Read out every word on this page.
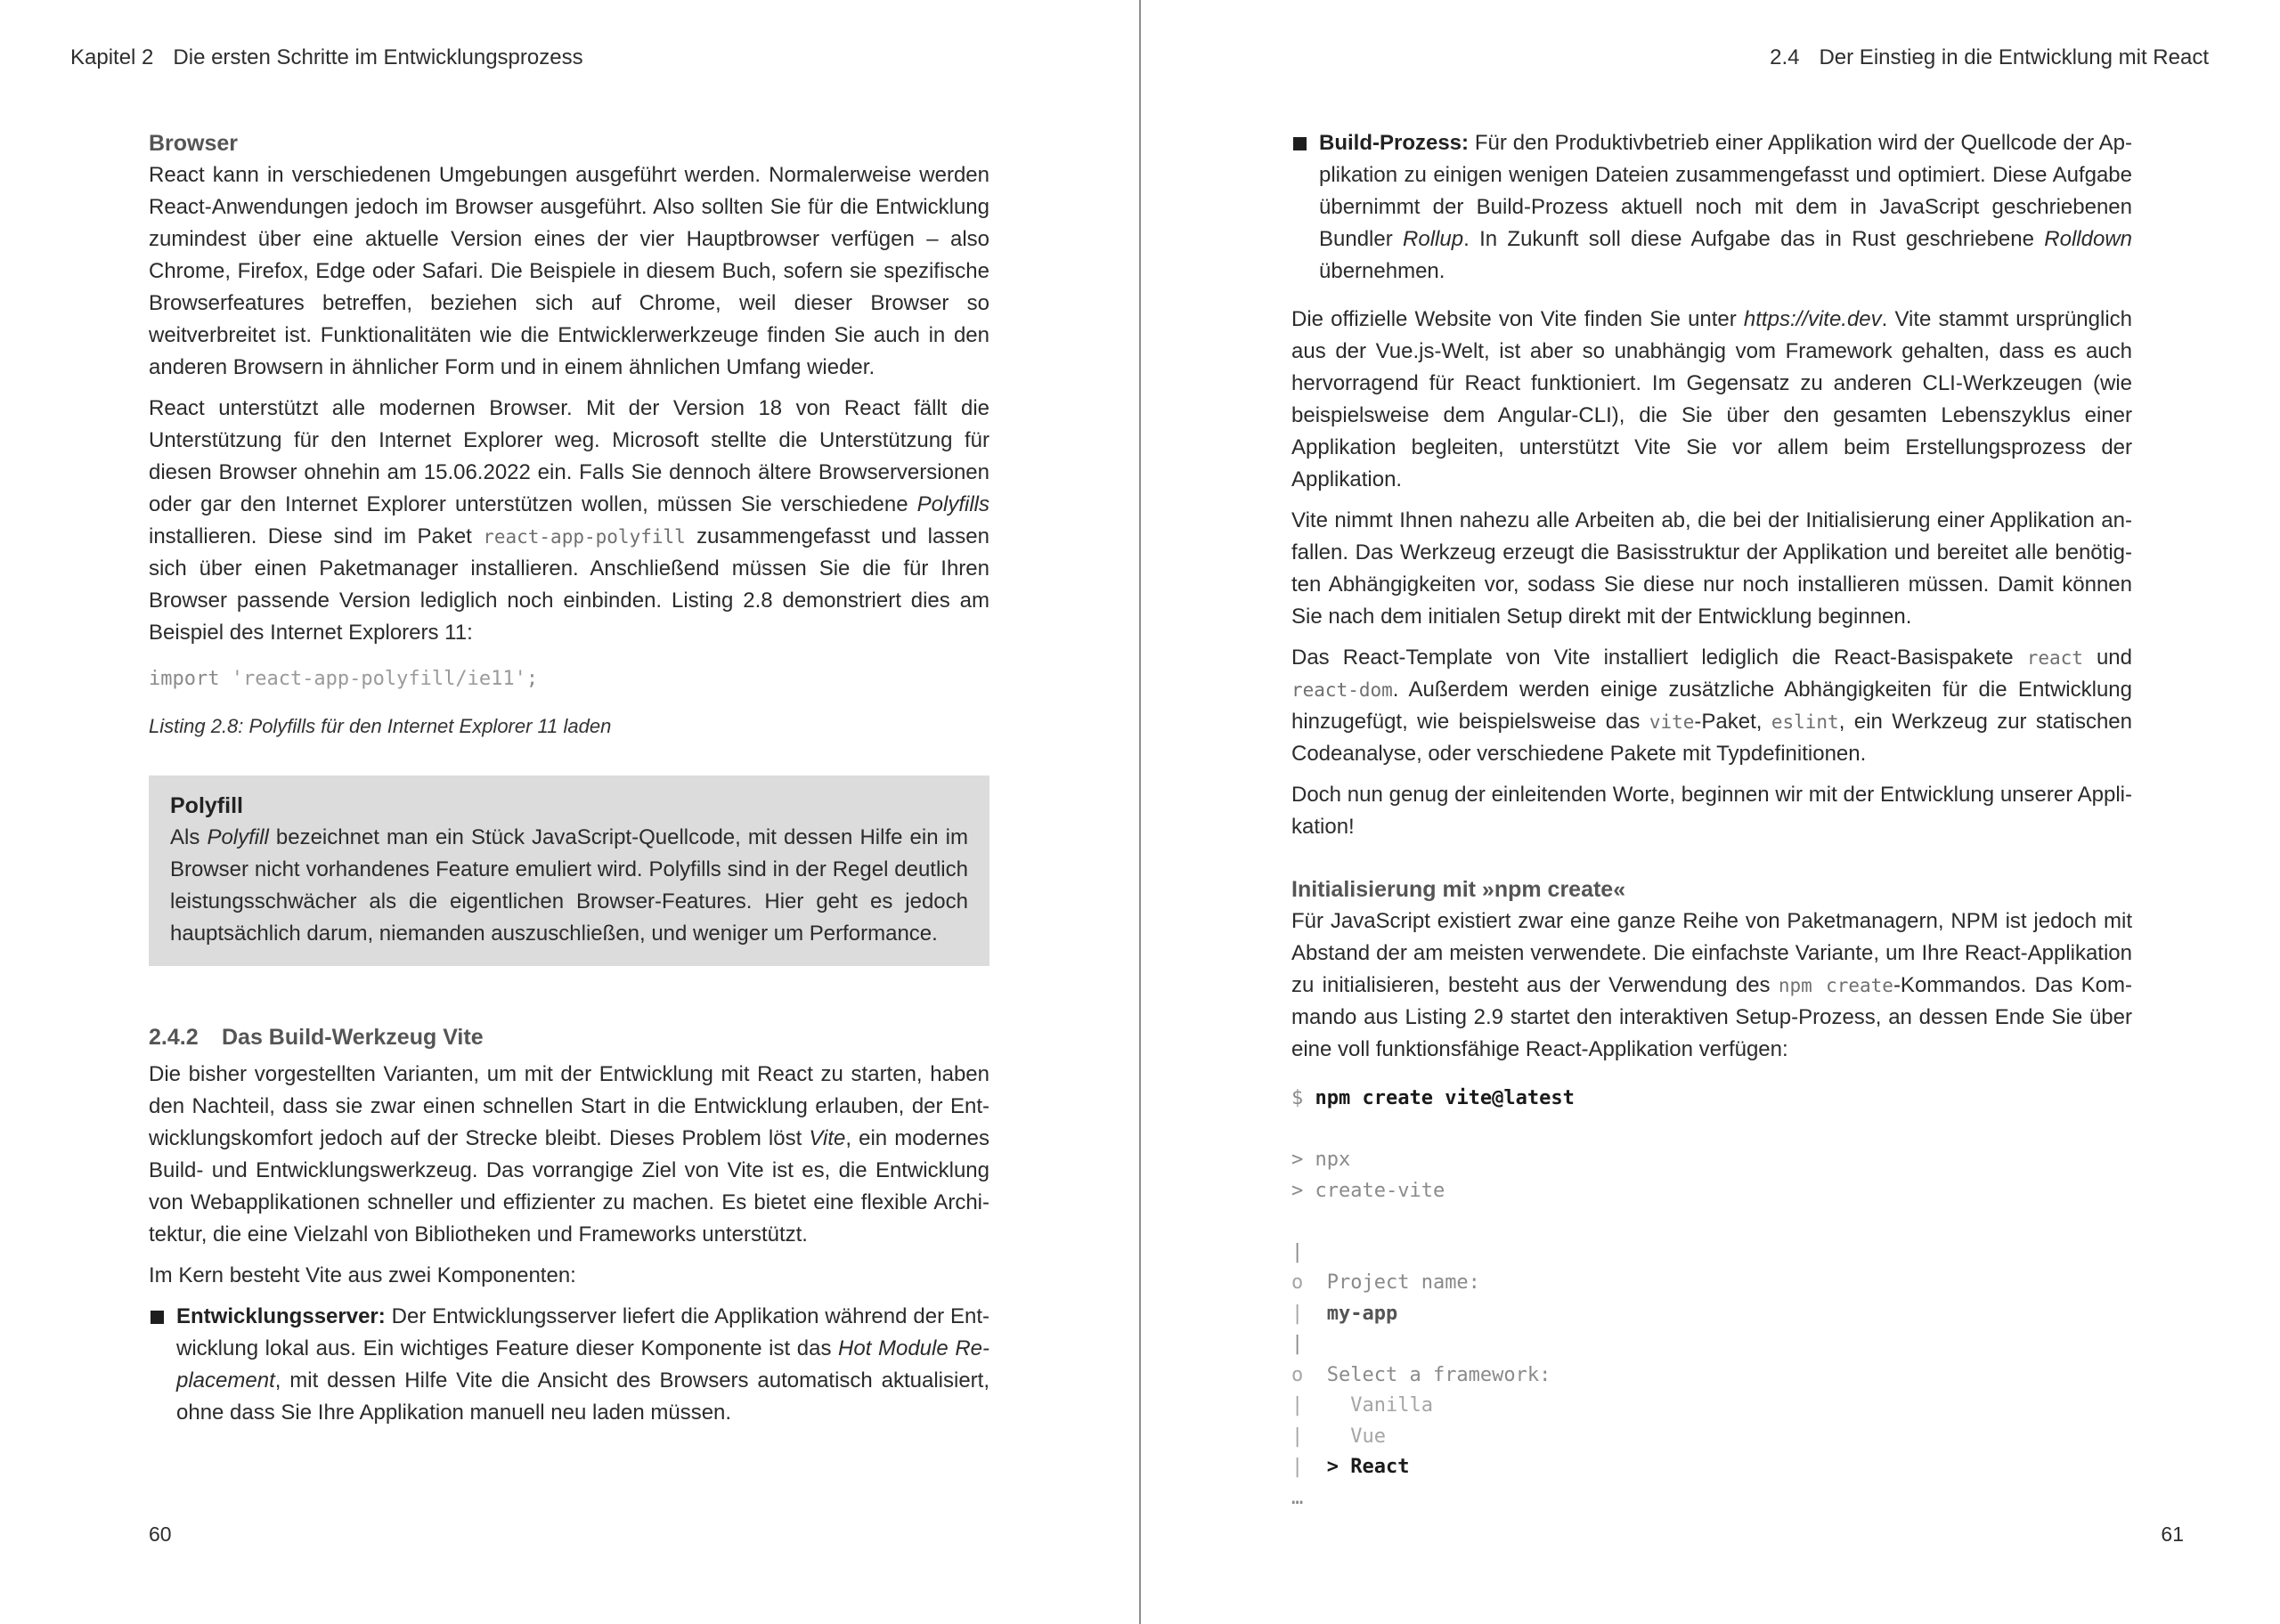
Kapitel 2 Die ersten Schritte im Entwicklungsprozess

Browser

React kann in verschiedenen Umgebungen ausgeführt werden. Normalerweise werden React-Anwendungen jedoch im Browser ausgeführt. Also sollten Sie für die Entwicklung zumindest über eine aktuelle Version eines der vier Hauptbrowser verfügen – also Chrome, Firefox, Edge oder Safari. Die Beispiele in diesem Buch, sofern sie spezifische Browserfeatures betreffen, beziehen sich auf Chrome, weil dieser Browser so weitverbreitet ist. Funktionalitäten wie die Entwicklerwerkzeuge finden Sie auch in den anderen Browsern in ähnlicher Form und in einem ähnlichen Umfang wieder.

React unterstützt alle modernen Browser. Mit der Version 18 von React fällt die Unterstützung für den Internet Explorer weg. Microsoft stellte die Unterstützung für diesen Browser ohnehin am 15.06.2022 ein. Falls Sie dennoch ältere Browserversionen oder gar den Internet Explorer unterstützen wollen, müssen Sie verschiedene Polyfills installieren. Diese sind im Paket react-app-polyfill zusammengefasst und lassen sich über einen Paketmanager installieren. Anschließend müssen Sie die für Ihren Browser passende Version lediglich noch einbinden. Listing 2.8 demonstriert dies am Beispiel des Internet Explorers 11:

import 'react-app-polyfill/ie11';

Listing 2.8: Polyfills für den Internet Explorer 11 laden

Polyfill

Als Polyfill bezeichnet man ein Stück JavaScript-Quellcode, mit dessen Hilfe ein im Browser nicht vorhandenes Feature emuliert wird. Polyfills sind in der Regel deutlich leistungsschwächer als die eigentlichen Browser-Features. Hier geht es jedoch hauptsächlich darum, niemanden auszuschließen, und weniger um Performance.

2.4.2 Das Build-Werkzeug Vite

Die bisher vorgestellten Varianten, um mit der Entwicklung mit React zu starten, haben den Nachteil, dass sie zwar einen schnellen Start in die Entwicklung erlauben, der Entwicklungskomfort jedoch auf der Strecke bleibt. Dieses Problem löst Vite, ein modernes Build- und Entwicklungswerkzeug. Das vorrangige Ziel von Vite ist es, die Entwicklung von Webapplikationen schneller und effizienter zu machen. Es bietet eine flexible Architektur, die eine Vielzahl von Bibliotheken und Frameworks unterstützt.

Im Kern besteht Vite aus zwei Komponenten:

Entwicklungsserver: Der Entwicklungsserver liefert die Applikation während der Entwicklung lokal aus. Ein wichtiges Feature dieser Komponente ist das Hot Module Replacement, mit dessen Hilfe Vite die Ansicht des Browsers automatisch aktualisiert, ohne dass Sie Ihre Applikation manuell neu laden müssen.
60
2.4 Der Einstieg in die Entwicklung mit React
Build-Prozess: Für den Produktivbetrieb einer Applikation wird der Quellcode der Applikation zu einigen wenigen Dateien zusammengefasst und optimiert. Diese Aufgabe übernimmt der Build-Prozess aktuell noch mit dem in JavaScript geschriebenen Bundler Rollup. In Zukunft soll diese Aufgabe das in Rust geschriebene Rolldown übernehmen.

Die offizielle Website von Vite finden Sie unter https://vite.dev. Vite stammt ursprünglich aus der Vue.js-Welt, ist aber so unabhängig vom Framework gehalten, dass es auch hervorragend für React funktioniert. Im Gegensatz zu anderen CLI-Werkzeugen (wie beispielsweise dem Angular-CLI), die Sie über den gesamten Lebenszyklus einer Applikation begleiten, unterstützt Vite Sie vor allem beim Erstellungsprozess der Applikation.

Vite nimmt Ihnen nahezu alle Arbeiten ab, die bei der Initialisierung einer Applikation anfallen. Das Werkzeug erzeugt die Basisstruktur der Applikation und bereitet alle benötigten Abhängigkeiten vor, sodass Sie diese nur noch installieren müssen. Damit können Sie nach dem initialen Setup direkt mit der Entwicklung beginnen.

Das React-Template von Vite installiert lediglich die React-Basispakete react und react-dom. Außerdem werden einige zusätzliche Abhängigkeiten für die Entwicklung hinzugefügt, wie beispielsweise das vite-Paket, eslint, ein Werkzeug zur statischen Codeanalyse, oder verschiedene Pakete mit Typdefinitionen.

Doch nun genug der einleitenden Worte, beginnen wir mit der Entwicklung unserer Applikation!

Initialisierung mit »npm create«

Für JavaScript existiert zwar eine ganze Reihe von Paketmanagern, NPM ist jedoch mit Abstand der am meisten verwendete. Die einfachste Variante, um Ihre React-Applikation zu initialisieren, besteht aus der Verwendung des npm create-Kommandos. Das Kommando aus Listing 2.9 startet den interaktiven Setup-Prozess, an dessen Ende Sie über eine voll funktionsfähige React-Applikation verfügen:

$ npm create vite@latest
> npx
> create-vite
|
o  Project name:
|  my-app
|
o  Select a framework:
|    Vanilla
|    Vue
|  > React
…
61
